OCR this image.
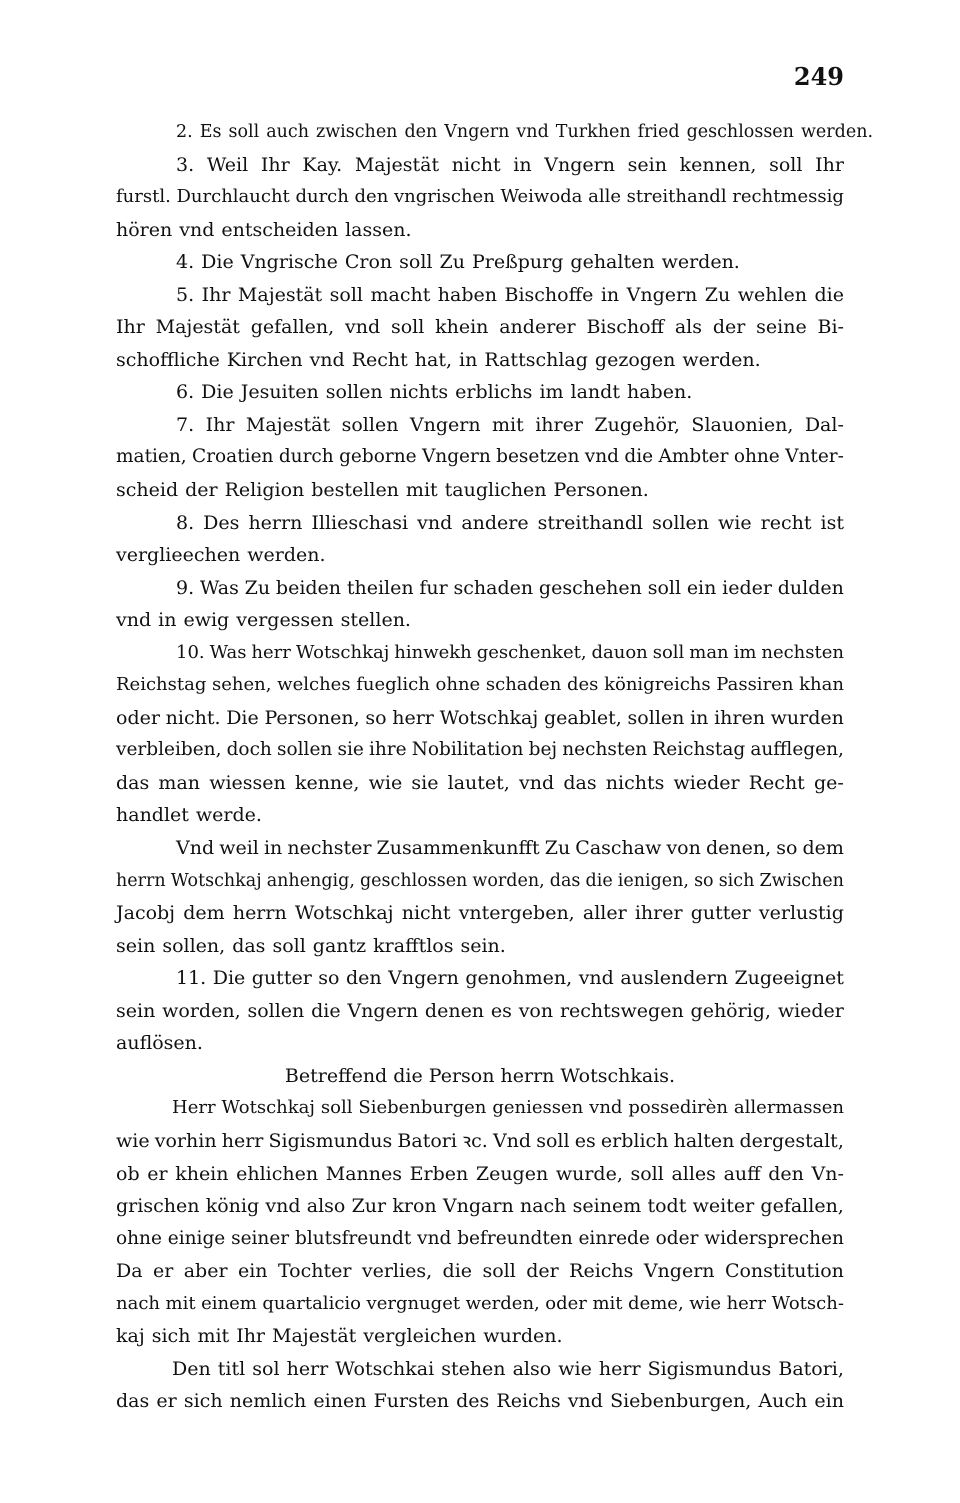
249
2. Es soll auch zwischen den Vngern vnd Turkhen fried geschlossen werden.
3. Weil Ihr Kay. Majestät nicht in Vngern sein kennen, soll Ihr
furstl. Durchlaucht durch den vngrischen Weiwoda alle streithandl rechtmessig
hören vnd entscheiden lassen.
4. Die Vngrische Cron soll Zu Preßpurg gehalten werden.
5. Ihr Majestät soll macht haben Bischoffe in Vngern Zu wehlen die
Ihr Majestät gefallen, vnd soll khein anderer Bischoff als der seine Bi-
schoffliche Kirchen vnd Recht hat, in Rattschlag gezogen werden.
6. Die Jesuiten sollen nichts erblichs im landt haben.
7. Ihr Majestät sollen Vngern mit ihrer Zugehör, Slauonien, Dal-
matien, Croatien durch geborne Vngern besetzen vnd die Ambter ohne Vnter-
scheid der Religion bestellen mit tauglichen Personen.
8. Des herrn Illieschasi vnd andere streithandl sollen wie recht ist
verglieechen werden.
9. Was Zu beiden theilen fur schaden geschehen soll ein ieder dulden
vnd in ewig vergessen stellen.
10. Was herr Wotschkaj hinwekh geschenket, dauon soll man im nechsten
Reichstag sehen, welches fueglich ohne schaden des königreichs Passiren khan
oder nicht. Die Personen, so herr Wotschkaj geablet, sollen in ihren wurden
verbleiben, doch sollen sie ihre Nobilitation bej nechsten Reichstag aufflegen,
das man wiessen kenne, wie sie lautet, vnd das nichts wieder Recht ge-
handlet werde.
Vnd weil in nechster Zusammenkunfft Zu Caschaw von denen, so dem
herrn Wotschkaj anhengig, geschlossen worden, das die ienigen, so sich Zwischen
Jacobj dem herrn Wotschkaj nicht vntergeben, aller ihrer gutter verlustig
sein sollen, das soll gantz krafftlos sein.
11. Die gutter so den Vngern genohmen, vnd auslendern Zugeeignet
sein worden, sollen die Vngern denen es von rechtswegen gehörig, wieder
auflösen.
Betreffend die Person herrn Wotschkais.
Herr Wotschkaj soll Siebenburgen geniessen vnd possedirèn allermassen
wie vorhin herr Sigismundus Batori ꝛc. Vnd soll es erblich halten dergestalt,
ob er khein ehlichen Mannes Erben Zeugen wurde, soll alles auff den Vn-
grischen könig vnd also Zur kron Vngarn nach seinem todt weiter gefallen,
ohne einige seiner blutsfreundt vnd befreundten einrede oder widersprechen
Da er aber ein Tochter verlies, die soll der Reichs Vngern Constitution
nach mit einem quartalicio vergnuget werden, oder mit deme, wie herr Wotsch-
kaj sich mit Ihr Majestät vergleichen wurden.
Den titl sol herr Wotschkai stehen also wie herr Sigismundus Batori,
das er sich nemlich einen Fursten des Reichs vnd Siebenburgen, Auch ein
